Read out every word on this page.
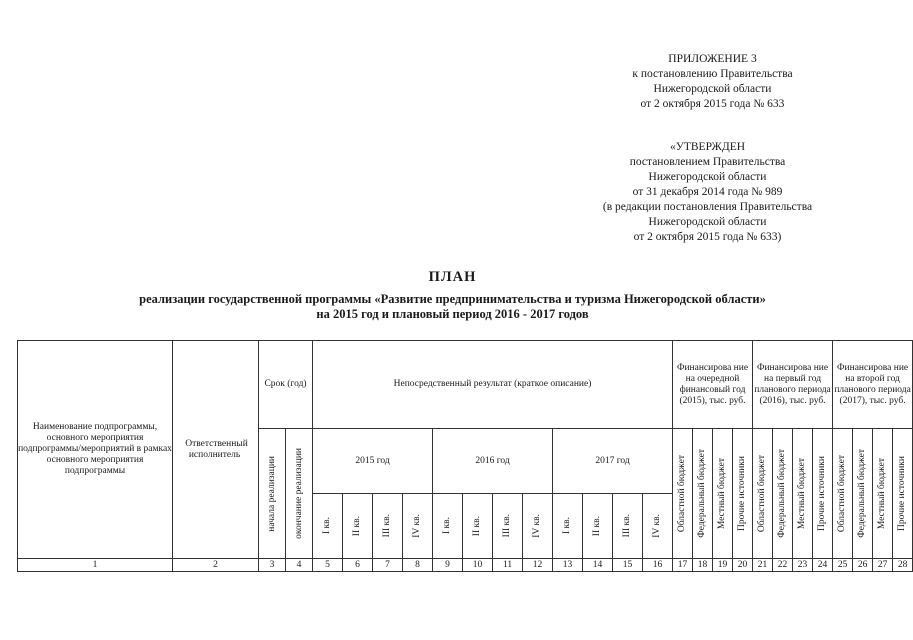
ПРИЛОЖЕНИЕ 3
к постановлению Правительства
Нижегородской области
от 2 октября 2015 года № 633
«УТВЕРЖДЕН
постановлением Правительства
Нижегородской области
от 31 декабря 2014 года № 989
(в редакции постановления Правительства
Нижегородской области
от 2 октября 2015 года № 633)
ПЛАН
реализации государственной программы «Развитие предпринимательства и туризма Нижегородской области»
на 2015 год и плановый период 2016 - 2017 годов
Наименование подпрограммы, основного мероприятия подпрограммы/мероприятий в рамках основного мероприятия подпрограммы	Ответственный исполнитель	Срок (год)		Непосредственный результат (краткое описание)												Финансирова ние на очередной финансовый год (2015), тыс. руб.				Финансирова ние на первый год планового периода (2016), тыс. руб.				Финансирова ние на второй год планового периода (2017), тыс. руб.			

		начала реализации	окончание реализации	2015 год				2016 год				2017 год				Областной бюджет	Федеральный бюджет	Местный бюджет	Прочие источники	Областной бюджет	Федеральный бюджет	Местный бюджет	Прочие источники	Областной бюджет	Федеральный бюджет	Местный бюджет	Прочие источники

				I кв.	II кв.	III кв.	IV кв.	I кв.	II кв.	III кв.	IV кв.	I кв.	II кв.	III кв.	IV кв.												

1	2	3	4	5	6	7	8	9	10	11	12	13	14	15	16	17	18	19	20	21	22	23	24	25	26	27	28
